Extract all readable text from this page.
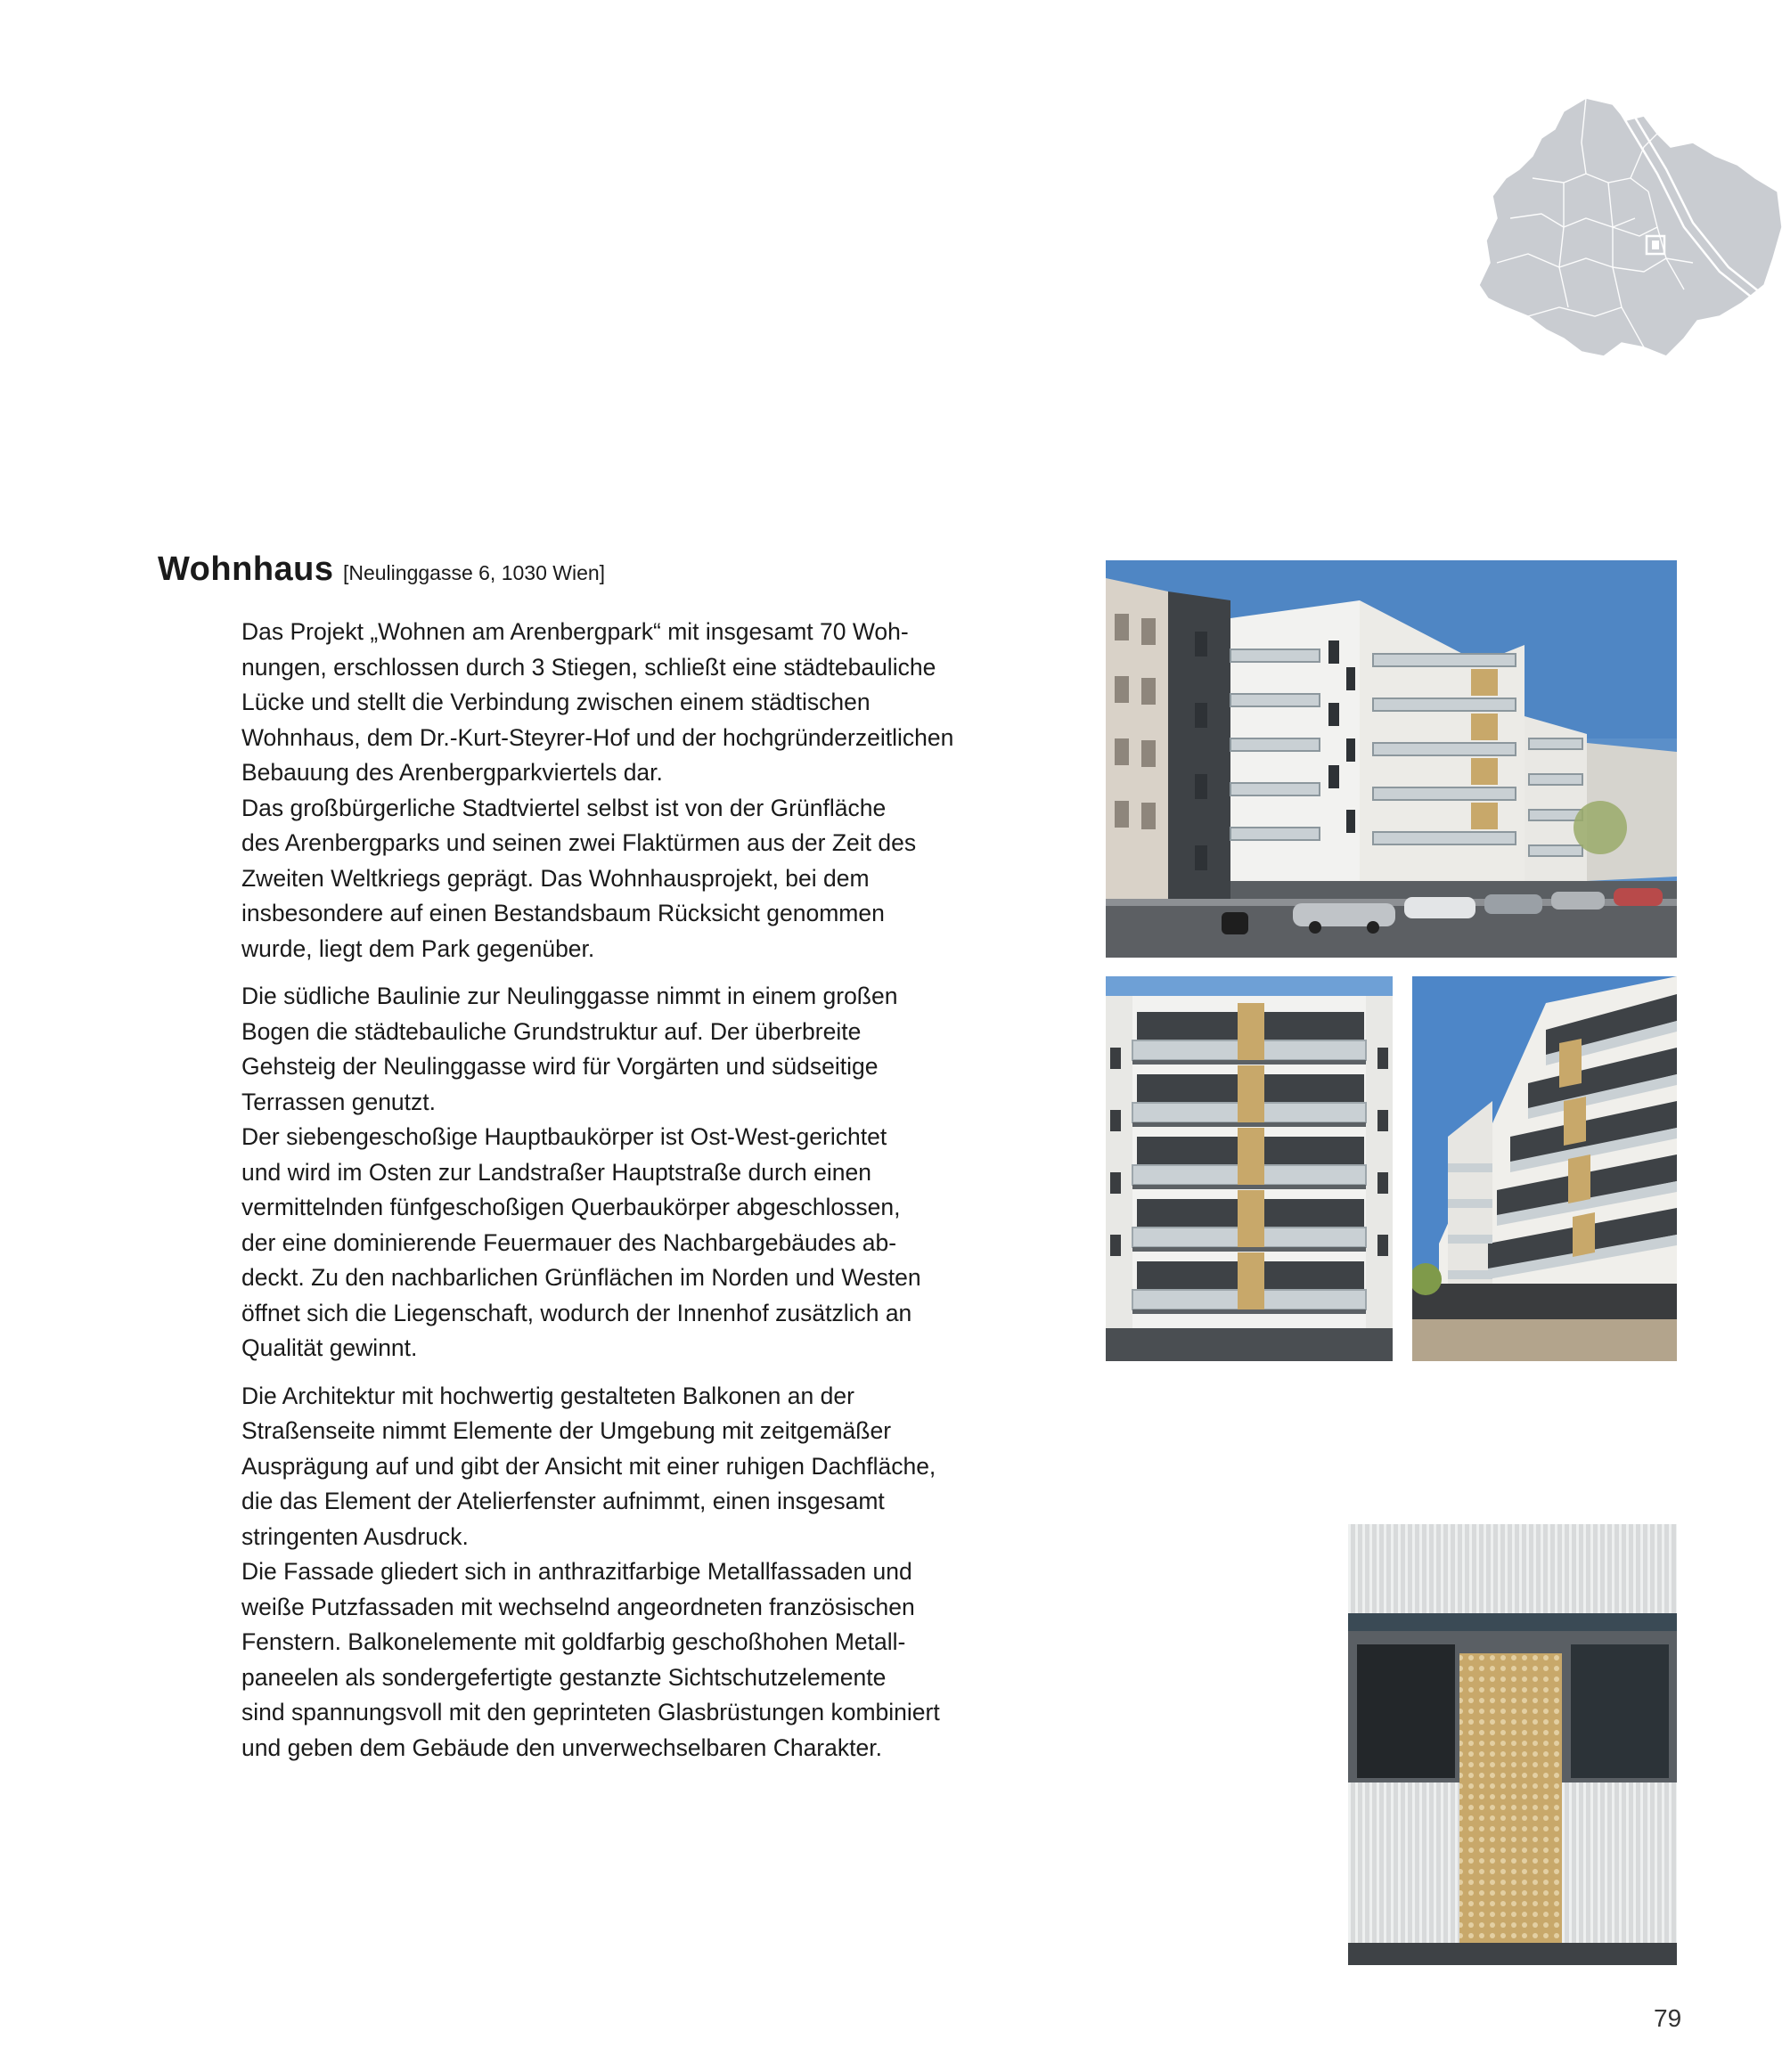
Wohnhaus [Neulinggasse 6, 1030 Wien]

Das Projekt „Wohnen am Arenbergpark“ mit insgesamt 70 Woh-
nungen, erschlossen durch 3 Stiegen, schließt eine städtebauliche
Lücke und stellt die Verbindung zwischen einem städtischen
Wohnhaus, dem Dr.-Kurt-Steyrer-Hof und der hochgründerzeitlichen
Bebauung des Arenbergparkviertels dar.
Das großbürgerliche Stadtviertel selbst ist von der Grünfläche
des Arenbergparks und seinen zwei Flaktürmen aus der Zeit des
Zweiten Weltkriegs geprägt. Das Wohnhausprojekt, bei dem
insbesondere auf einen Bestandsbaum Rücksicht genommen
wurde, liegt dem Park gegenüber.

Die südliche Baulinie zur Neulinggasse nimmt in einem großen
Bogen die städtebauliche Grundstruktur auf. Der überbreite
Gehsteig der Neulinggasse wird für Vorgärten und südseitige
Terrassen genutzt.
Der siebengeschoßige Hauptbaukörper ist Ost-West-gerichtet
und wird im Osten zur Landstraßer Hauptstraße durch einen
vermittelnden fünfgeschoßigen Querbaukörper abgeschlossen,
der eine dominierende Feuermauer des Nachbargebäudes ab-
deckt. Zu den nachbarlichen Grünflächen im Norden und Westen
öffnet sich die Liegenschaft, wodurch der Innenhof zusätzlich an
Qualität gewinnt.

Die Architektur mit hochwertig gestalteten Balkonen an der
Straßenseite nimmt Elemente der Umgebung mit zeitgemäßer
Ausprägung auf und gibt der Ansicht mit einer ruhigen Dachfläche,
die das Element der Atelierfenster aufnimmt, einen insgesamt
stringenten Ausdruck.
Die Fassade gliedert sich in anthrazitfarbige Metallfassaden und
weiße Putzfassaden mit wechselnd angeordneten französischen
Fenstern. Balkonelemente mit goldfarbig geschoßhohen Metall-
paneelen als sondergefertigte gestanzte Sichtschutzelemente
sind spannungsvoll mit den geprinteten Glasbrüstungen kombiniert
und geben dem Gebäude den unverwechselbaren Charakter.

79
